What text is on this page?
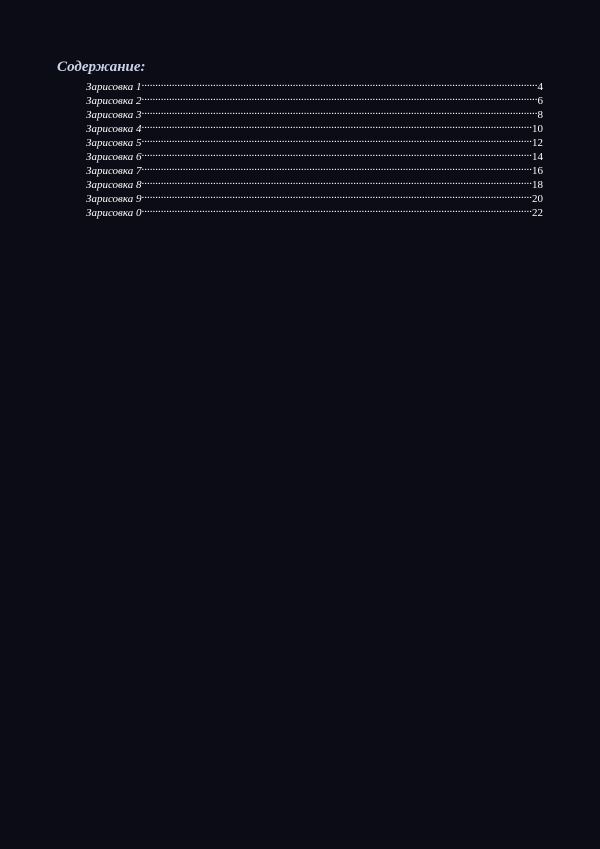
Содержание:
Зарисовка 1 .....	4
Зарисовка 2 .....	6
Зарисовка 3 .....	8
Зарисовка 4 .....	10
Зарисовка 5 .....	12
Зарисовка 6 .....	14
Зарисовка 7 .....	16
Зарисовка 8 .....	18
Зарисовка 9 .....	20
Зарисовка 0 .....	22
